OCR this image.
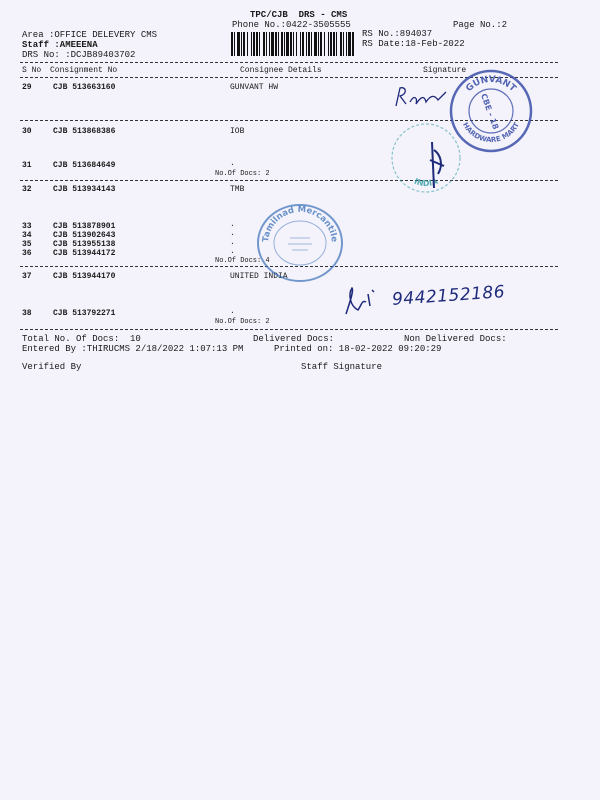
TPC/CJB  DRS - CMS
Phone No.:0422-3505555	Page No.:2
Area :OFFICE DELEVERY CMS
Staff :AMEEENA
DRS No: :DCJB89403702
RS No.:894037
RS Date:18-Feb-2022
S No Consignment No	Consignee Details	Signature
29	CJB 513663160	GUNVANT HW
30	CJB 513868386	IOB
31	CJB 513684649	.
No.Of Docs: 2
32	CJB 513934143	TMB
33	CJB 513878901	.
34	CJB 513902643	.
35	CJB 513955138	.
36	CJB 513944172	.
No.Of Docs: 4
37	CJB 513944170	UNITED INDIA
38	CJB 513792271	.
No.Of Docs: 2
Total No. Of Docs:  10	Delivered Docs:	Non Delivered Docs:
Entered By :THIRUCMS 2/18/2022 1:07:13 PM	Printed on: 18-02-2022 09:20:29
Verified By	Staff Signature
GUNVANT
CBE - 18
HARDWARE MART
Tamilnad Mercantile
INDIA
9442152186
